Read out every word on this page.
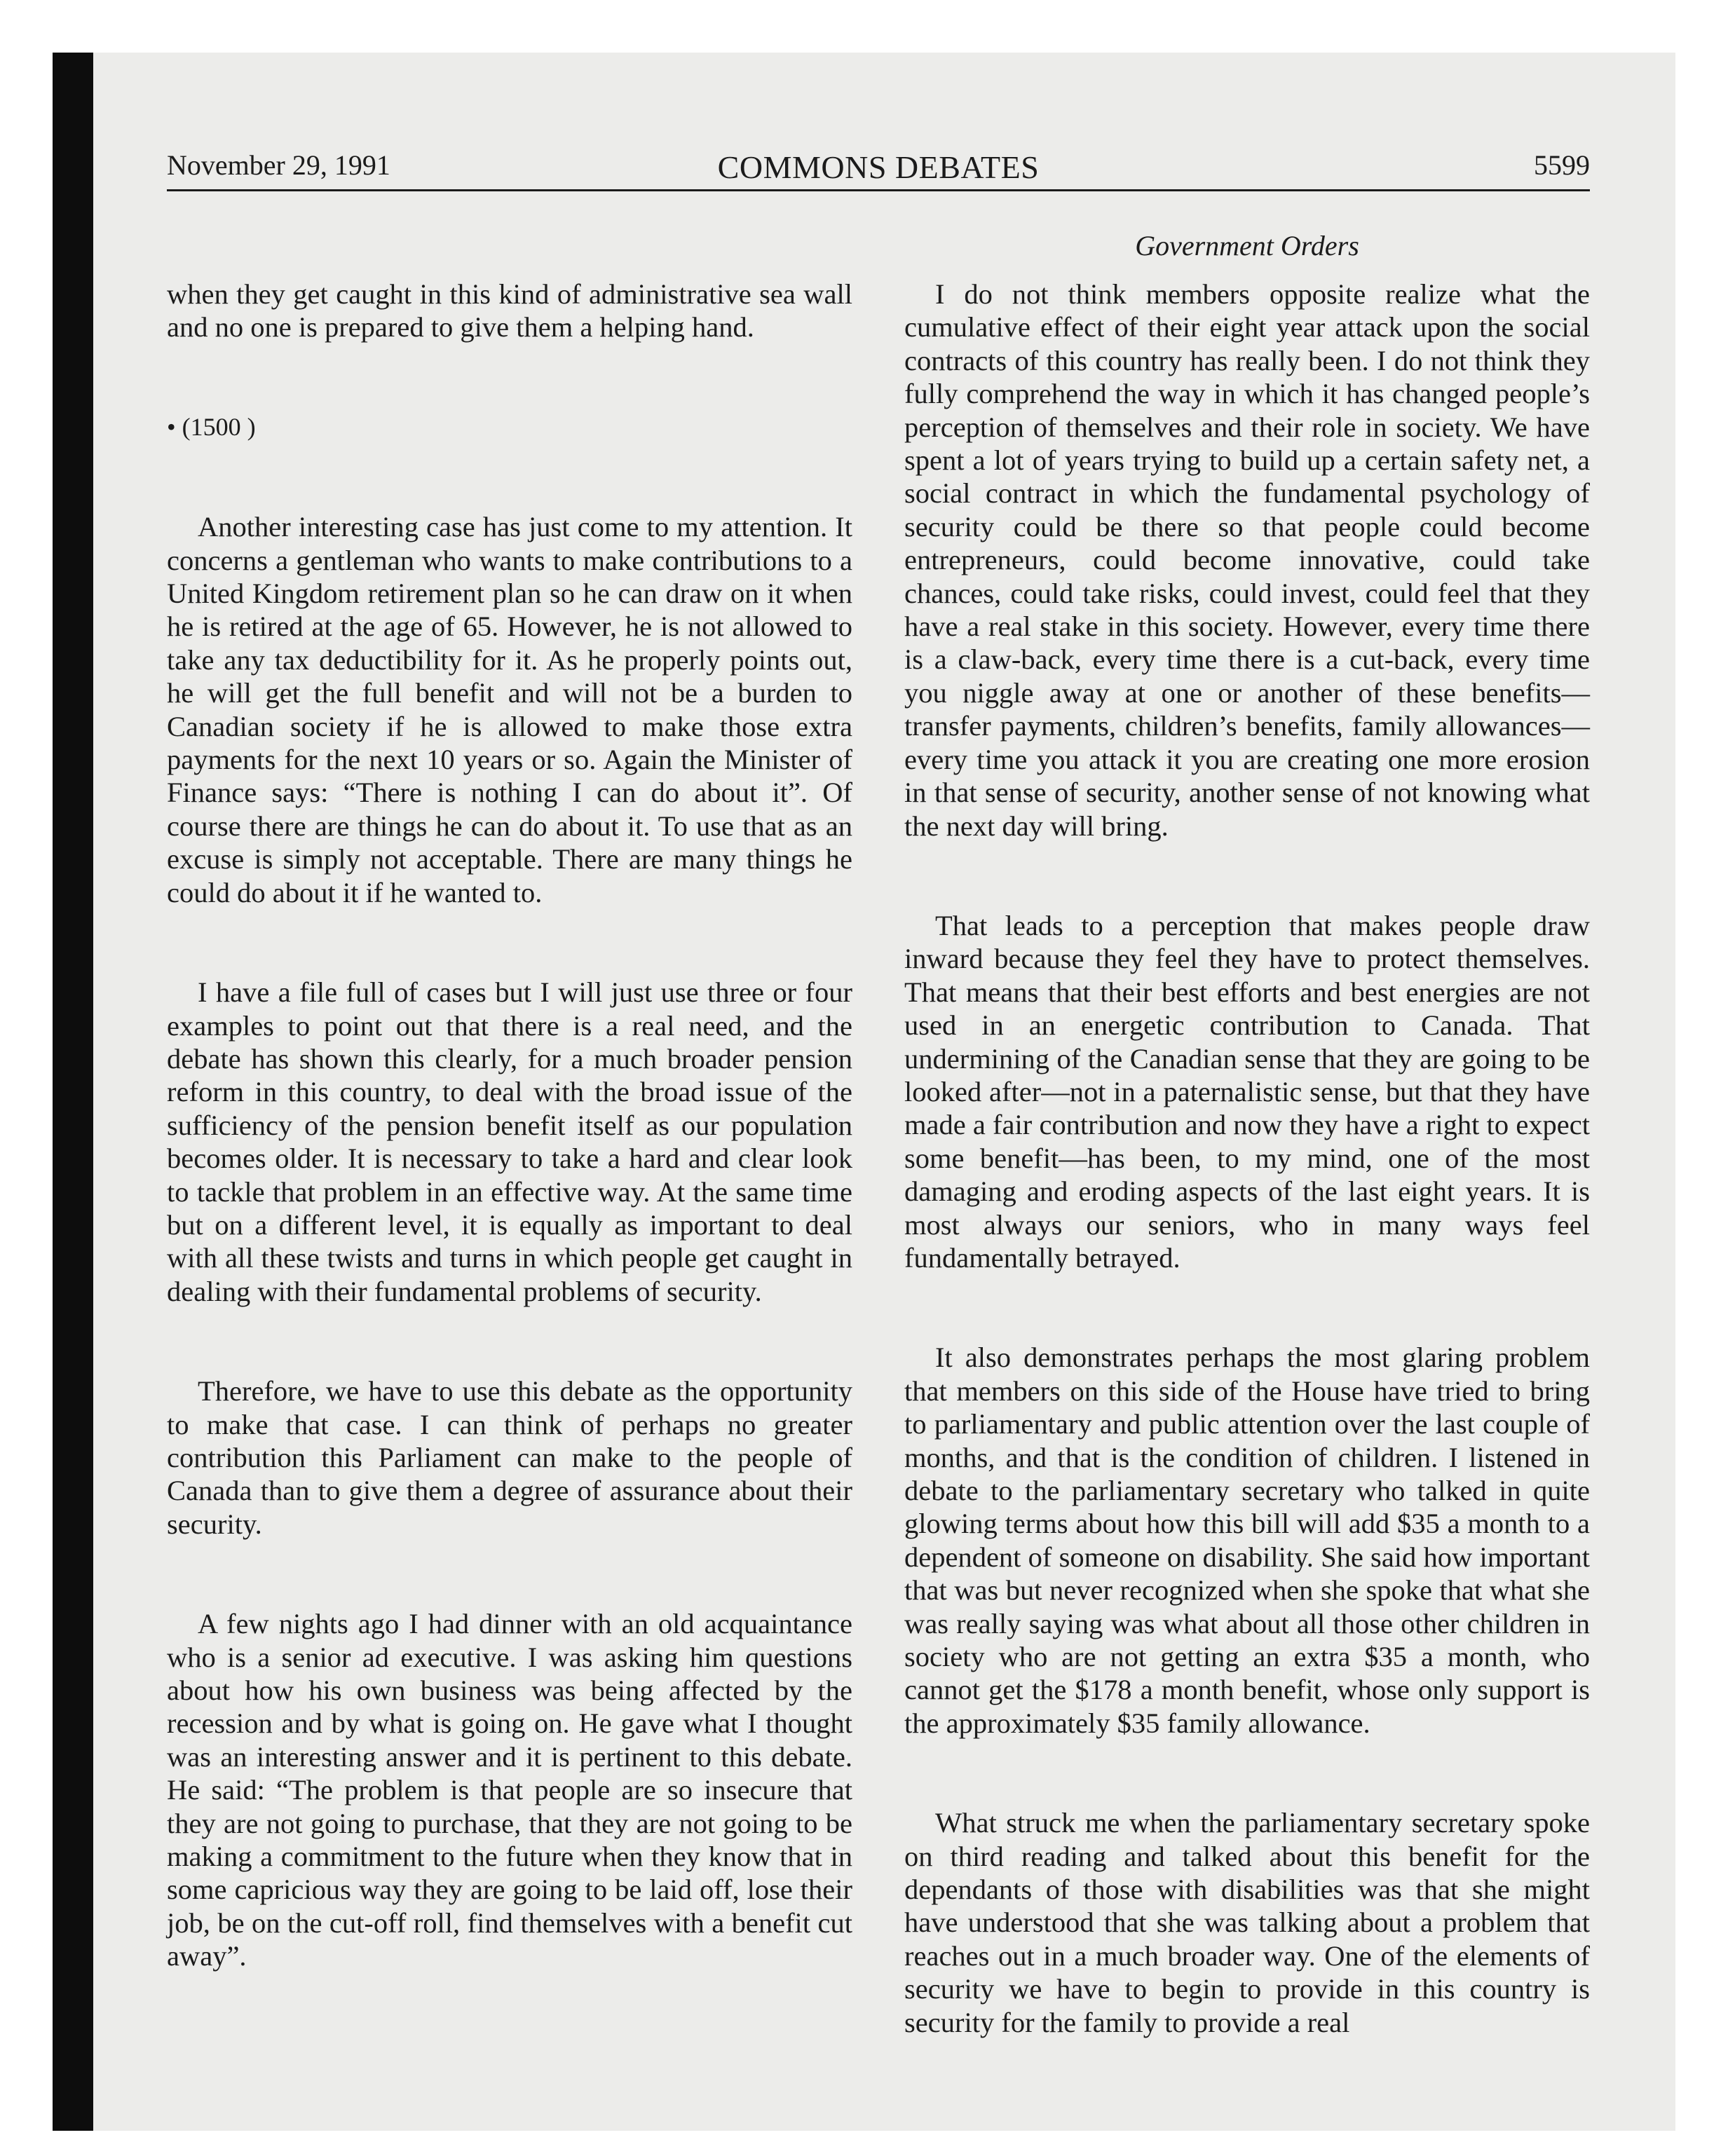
November 29, 1991	COMMONS DEBATES	5599
Government Orders

when they get caught in this kind of administrative sea wall and no one is prepared to give them a helping hand.

• (1500 )

Another interesting case has just come to my attention. It concerns a gentleman who wants to make contributions to a United Kingdom retirement plan so he can draw on it when he is retired at the age of 65. However, he is not allowed to take any tax deductibility for it. As he properly points out, he will get the full benefit and will not be a burden to Canadian society if he is allowed to make those extra payments for the next 10 years or so. Again the Minister of Finance says: “There is nothing I can do about it”. Of course there are things he can do about it. To use that as an excuse is simply not acceptable. There are many things he could do about it if he wanted to.

I have a file full of cases but I will just use three or four examples to point out that there is a real need, and the debate has shown this clearly, for a much broader pension reform in this country, to deal with the broad issue of the sufficiency of the pension benefit itself as our population becomes older. It is necessary to take a hard and clear look to tackle that problem in an effective way. At the same time but on a different level, it is equally as important to deal with all these twists and turns in which people get caught in dealing with their fundamental problems of security.

Therefore, we have to use this debate as the opportunity to make that case. I can think of perhaps no greater contribution this Parliament can make to the people of Canada than to give them a degree of assurance about their security.

A few nights ago I had dinner with an old acquaintance who is a senior ad executive. I was asking him questions about how his own business was being affected by the recession and by what is going on. He gave what I thought was an interesting answer and it is pertinent to this debate. He said: “The problem is that people are so insecure that they are not going to purchase, that they are not going to be making a commitment to the future when they know that in some capricious way they are going to be laid off, lose their job, be on the cut-off roll, find themselves with a benefit cut away”.

I do not think members opposite realize what the cumulative effect of their eight year attack upon the social contracts of this country has really been. I do not think they fully comprehend the way in which it has changed people’s perception of themselves and their role in society. We have spent a lot of years trying to build up a certain safety net, a social contract in which the fundamental psychology of security could be there so that people could become entrepreneurs, could become innovative, could take chances, could take risks, could invest, could feel that they have a real stake in this society. However, every time there is a claw-back, every time there is a cut-back, every time you niggle away at one or another of these benefits—transfer payments, children’s benefits, family allowances—every time you attack it you are creating one more erosion in that sense of security, another sense of not knowing what the next day will bring.

That leads to a perception that makes people draw inward because they feel they have to protect themselves. That means that their best efforts and best energies are not used in an energetic contribution to Canada. That undermining of the Canadian sense that they are going to be looked after—not in a paternalistic sense, but that they have made a fair contribution and now they have a right to expect some benefit—has been, to my mind, one of the most damaging and eroding aspects of the last eight years. It is most always our seniors, who in many ways feel fundamentally betrayed.

It also demonstrates perhaps the most glaring problem that members on this side of the House have tried to bring to parliamentary and public attention over the last couple of months, and that is the condition of children. I listened in debate to the parliamentary secretary who talked in quite glowing terms about how this bill will add $35 a month to a dependent of someone on disability. She said how important that was but never recognized when she spoke that what she was really saying was what about all those other children in society who are not getting an extra $35 a month, who cannot get the $178 a month benefit, whose only support is the approximately $35 family allowance.

What struck me when the parliamentary secretary spoke on third reading and talked about this benefit for the dependants of those with disabilities was that she might have understood that she was talking about a problem that reaches out in a much broader way. One of the elements of security we have to begin to provide in this country is security for the family to provide a real
